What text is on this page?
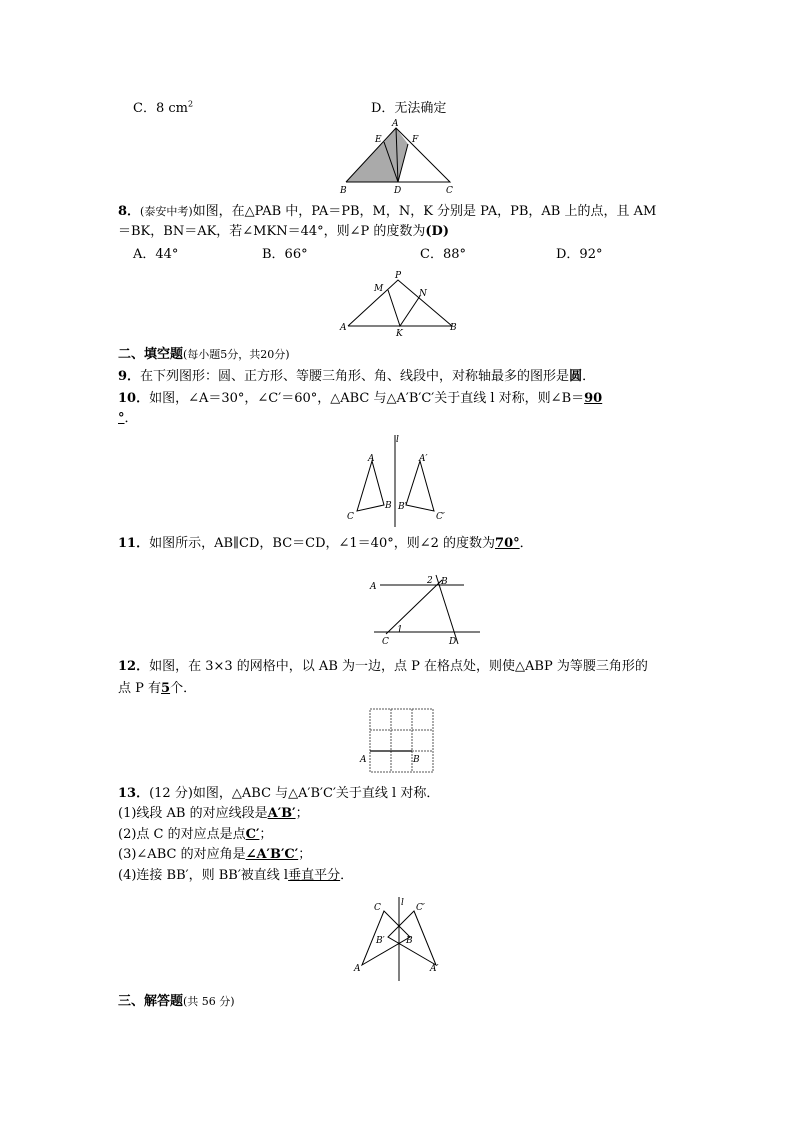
C．8 $cm^2$	D．无法确定
A
E	F
B	D	C
8．(泰安中考)如图，在△PAB 中，PA＝PB，M，N，K 分别是 PA，PB，AB 上的点，且 AM
＝BK，BN＝AK，若∠MKN＝44°，则∠P 的度数为(D)
A．44°	B．66°	C．88°	D．92°
P
M	N
A
K
B
二、填空题(每小题5分，共20分)
9．在下列图形：圆、正方形、等腰三角形、角、线段中，对称轴最多的图形是圆．
10．如图，∠A＝30°，∠C′＝60°，△ABC 与△A′B′C′关于直线 l 对称，则∠B＝90
°．
l
A
B
C
A′
B′
C′
11．如图所示，AB∥CD，BC＝CD，∠1＝40°，则∠2 的度数为70°．
A	B
C	D
1
2
12．如图，在 3×3 的网格中，以 AB 为一边，点 P 在格点处，则使△ABP 为等腰三角形的
点 P 有5个．
A	B
13．(12 分)如图，△ABC 与△A′B′C′关于直线 l 对称．
(1)线段 AB 的对应线段是A′B′；
(2)点 C 的对应点是点C′；
(3)∠ABC 的对应角是∠A′B′C′；
(4)连接 BB′，则 BB′被直线 l垂直平分．
l
C	C′
B
B′
A	A′
三、解答题(共 56 分)
